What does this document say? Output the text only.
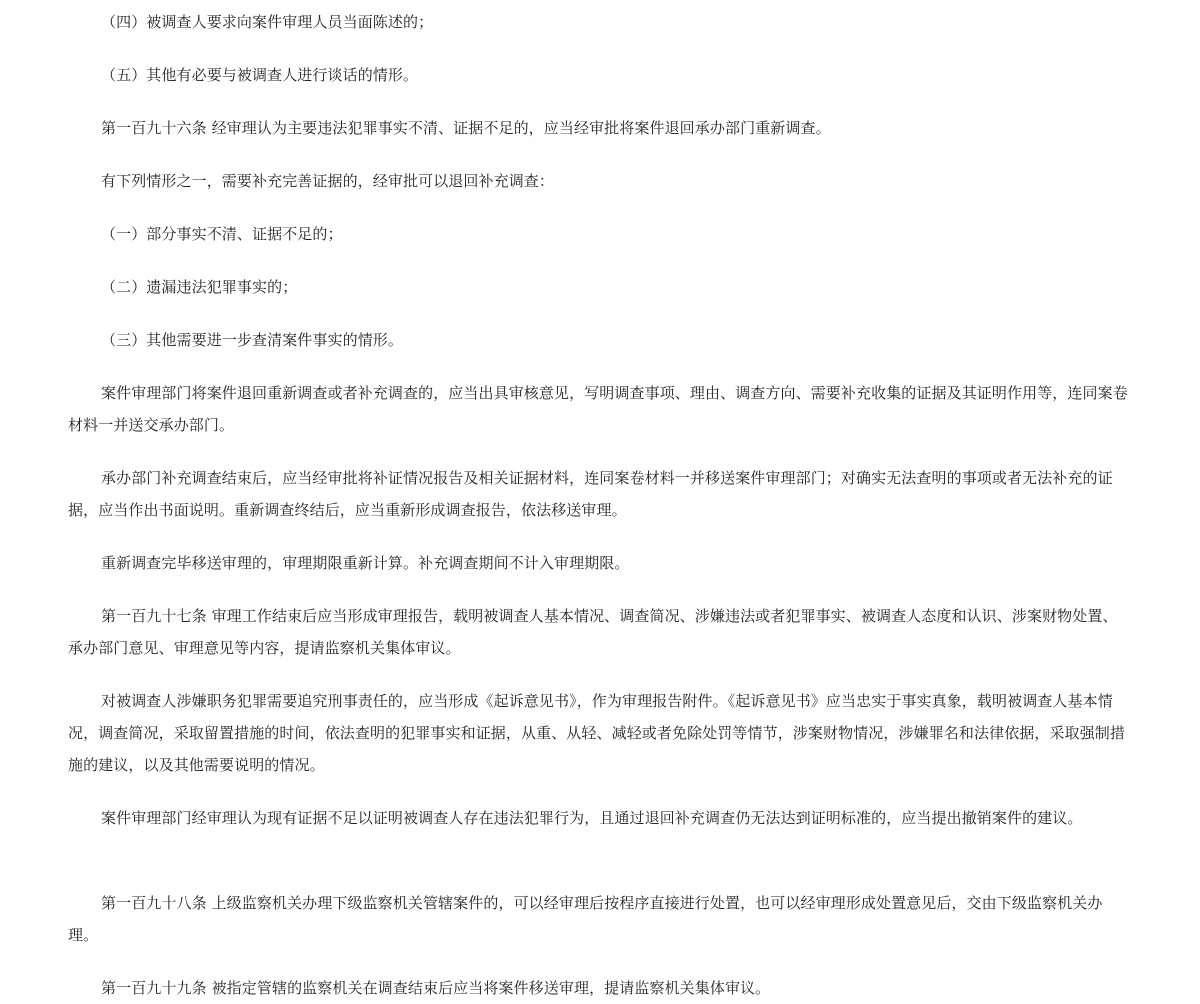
（四）被调查人要求向案件审理人员当面陈述的；

（五）其他有必要与被调查人进行谈话的情形。

第一百九十六条 经审理认为主要违法犯罪事实不清、证据不足的，应当经审批将案件退回承办部门重新调查。

有下列情形之一，需要补充完善证据的，经审批可以退回补充调查：

（一）部分事实不清、证据不足的；

（二）遗漏违法犯罪事实的；

（三）其他需要进一步查清案件事实的情形。

案件审理部门将案件退回重新调查或者补充调查的，应当出具审核意见，写明调查事项、理由、调查方向、需要补充收集的证据及其证明作用等，连同案卷材料一并送交承办部门。

承办部门补充调查结束后，应当经审批将补证情况报告及相关证据材料，连同案卷材料一并移送案件审理部门；对确实无法查明的事项或者无法补充的证据，应当作出书面说明。重新调查终结后，应当重新形成调查报告，依法移送审理。

重新调查完毕移送审理的，审理期限重新计算。补充调查期间不计入审理期限。

第一百九十七条 审理工作结束后应当形成审理报告，载明被调查人基本情况、调查简况、涉嫌违法或者犯罪事实、被调查人态度和认识、涉案财物处置、承办部门意见、审理意见等内容，提请监察机关集体审议。

对被调查人涉嫌职务犯罪需要追究刑事责任的，应当形成《起诉意见书》，作为审理报告附件。《起诉意见书》应当忠实于事实真象，载明被调查人基本情况，调查简况，采取留置措施的时间，依法查明的犯罪事实和证据，从重、从轻、减轻或者免除处罚等情节，涉案财物情况，涉嫌罪名和法律依据，采取强制措施的建议，以及其他需要说明的情况。

案件审理部门经审理认为现有证据不足以证明被调查人存在违法犯罪行为，且通过退回补充调查仍无法达到证明标准的，应当提出撤销案件的建议。

第一百九十八条 上级监察机关办理下级监察机关管辖案件的，可以经审理后按程序直接进行处置，也可以经审理形成处置意见后，交由下级监察机关办理。

第一百九十九条 被指定管辖的监察机关在调查结束后应当将案件移送审理，提请监察机关集体审议。
